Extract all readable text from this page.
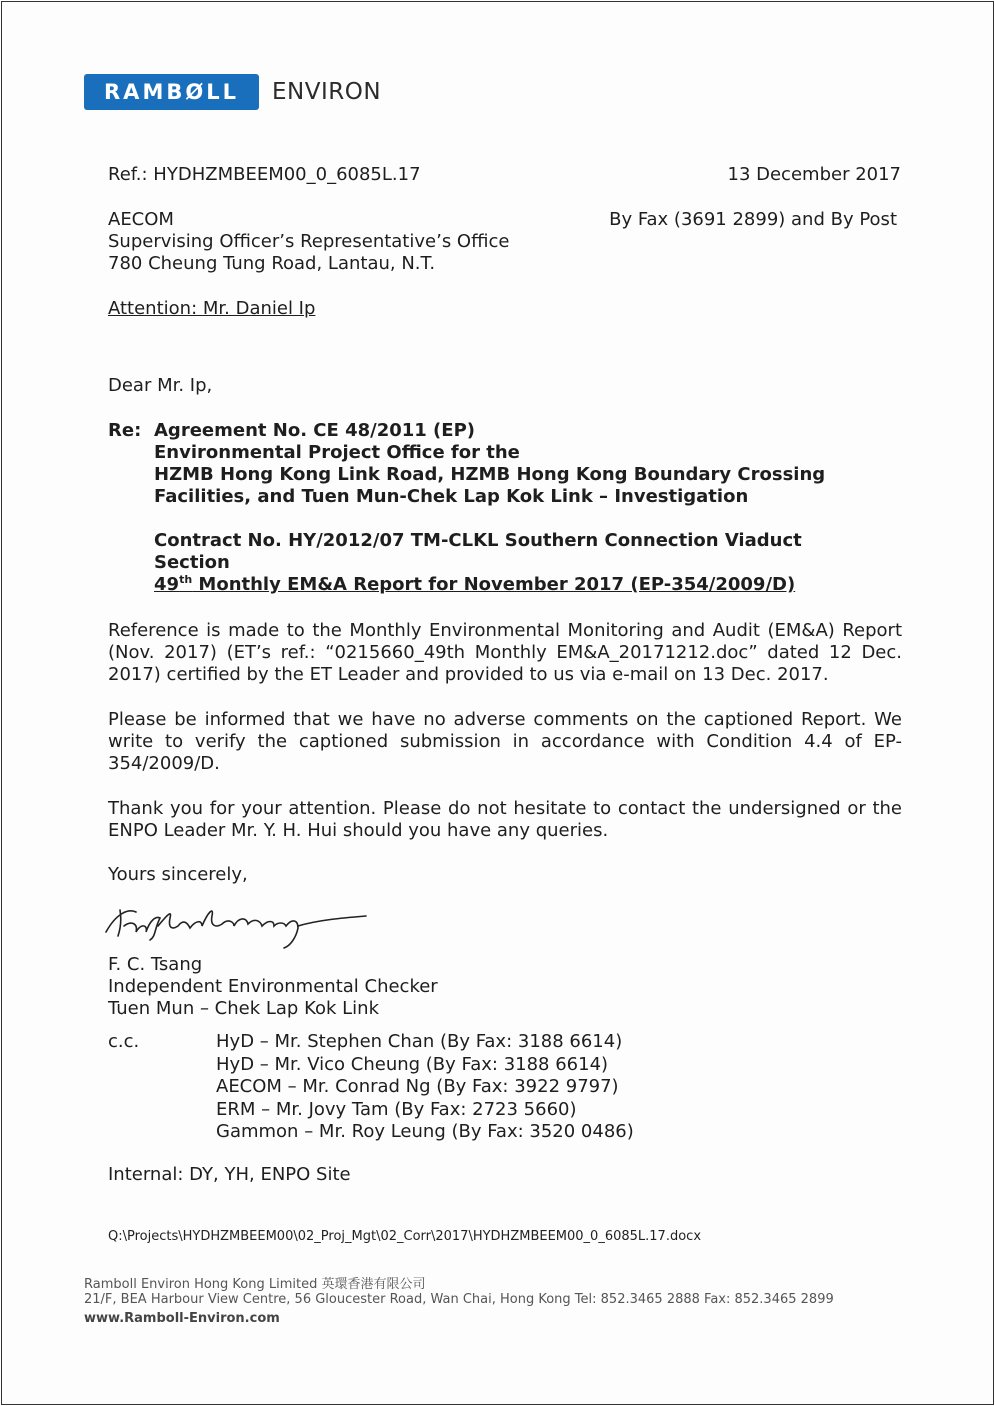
RAMBØLL	ENVIRON
Ref.: HYDHZMBEEM00_0_6085L.17	13 December 2017
AECOM
Supervising Officer’s Representative’s Office
780 Cheung Tung Road, Lantau, N.T.
By Fax (3691 2899) and By Post
Attention: Mr. Daniel Ip
Dear Mr. Ip,
Re: Agreement No. CE 48/2011 (EP)
Environmental Project Office for the
HZMB Hong Kong Link Road, HZMB Hong Kong Boundary Crossing
Facilities, and Tuen Mun-Chek Lap Kok Link – Investigation
Contract No. HY/2012/07 TM-CLKL Southern Connection Viaduct
Section
49th Monthly EM&A Report for November 2017 (EP-354/2009/D)
Reference is made to the Monthly Environmental Monitoring and Audit (EM&A) Report (Nov. 2017) (ET’s ref.: “0215660_49th Monthly EM&A_20171212.doc” dated 12 Dec. 2017) certified by the ET Leader and provided to us via e-mail on 13 Dec. 2017.
Please be informed that we have no adverse comments on the captioned Report. We write to verify the captioned submission in accordance with Condition 4.4 of EP-354/2009/D.
Thank you for your attention. Please do not hesitate to contact the undersigned or the ENPO Leader Mr. Y. H. Hui should you have any queries.
Yours sincerely,
F. C. Tsang
Independent Environmental Checker
Tuen Mun – Chek Lap Kok Link
c.c.	HyD – Mr. Stephen Chan (By Fax: 3188 6614)
HyD – Mr. Vico Cheung (By Fax: 3188 6614)
AECOM – Mr. Conrad Ng (By Fax: 3922 9797)
ERM – Mr. Jovy Tam (By Fax: 2723 5660)
Gammon – Mr. Roy Leung (By Fax: 3520 0486)
Internal: DY, YH, ENPO Site
Q:\Projects\HYDHZMBEEM00\02_Proj_Mgt\02_Corr\2017\HYDHZMBEEM00_0_6085L.17.docx
Ramboll Environ Hong Kong Limited 英環香港有限公司
21/F, BEA Harbour View Centre, 56 Gloucester Road, Wan Chai, Hong Kong Tel: 852.3465 2888 Fax: 852.3465 2899
www.Ramboll-Environ.com
